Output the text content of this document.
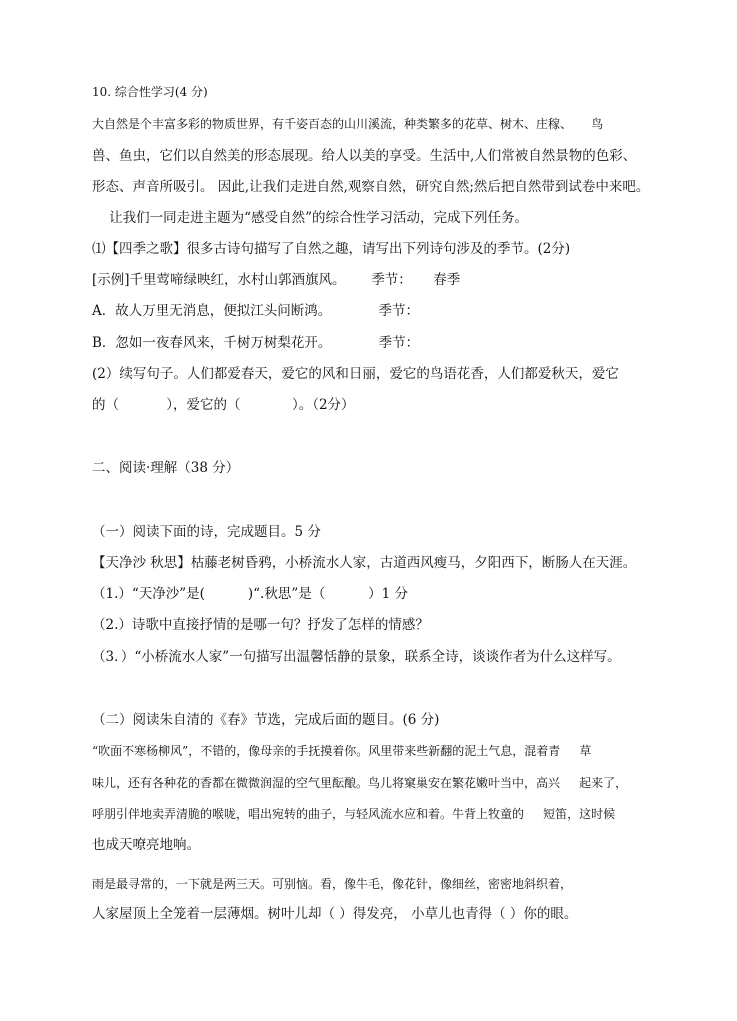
10. 综合性学习(4 分)
大自然是个丰富多彩的物质世界，有千姿百态的山川溪流，种类繁多的花草、树木、庄稼、     鸟
兽、鱼虫，它们以自然美的形态展现。给人以美的享受。生活中,人们常被自然景物的色彩、
形态、声音所吸引。 因此,让我们走进自然,观察自然，研究自然;然后把自然带到试卷中来吧。
让我们一同走进主题为“感受自然”的综合性学习活动，完成下列任务。
⑴【四季之歌】很多古诗句描写了自然之趣，请写出下列诗句涉及的季节。(2分)
[示例]千里莺啼绿映红，水村山郭酒旗风。      季节：     春季
A．故人万里无消息，便拟江头问断鸿。           季节：
B．忽如一夜春风来，千树万树梨花开。           季节：
(2）续写句子。人们都爱春天，爱它的风和日丽，爱它的鸟语花香，人们都爱秋天，爱它
的（           ），爱它的（            ）。（2分）
二、阅读·理解（38 分）
（一）阅读下面的诗，完成题目。5 分
【天净沙 秋思】枯藤老树昏鸦，小桥流水人家，古道西风瘦马，夕阳西下，断肠人在天涯。
（1.）“天净沙”是(          )“.秋思”是（          ）1 分
（2.）诗歌中直接抒情的是哪一句？抒发了怎样的情感？
（3．）“小桥流水人家”一句描写出温馨恬静的景象，联系全诗，谈谈作者为什么这样写。
（二）阅读朱自清的《春》节选，完成后面的题目。(6 分)
“吹面不寒杨柳风”，不错的，像母亲的手抚摸着你。风里带来些新翻的泥土气息，混着青     草
味儿，还有各种花的香都在微微润湿的空气里酝酿。鸟儿将窠巢安在繁花嫩叶当中，高兴     起来了，
呼朋引伴地卖弄清脆的喉咙，唱出宛转的曲子，与轻风流水应和着。牛背上牧童的     短笛，这时候
也成天嘹亮地响。
雨是最寻常的，一下就是两三天。可别恼。看，像牛毛，像花针，像细丝，密密地斜织着，
人家屋顶上全笼着一层薄烟。树叶儿却（ ）得发亮， 小草儿也青得（ ）你的眼。
